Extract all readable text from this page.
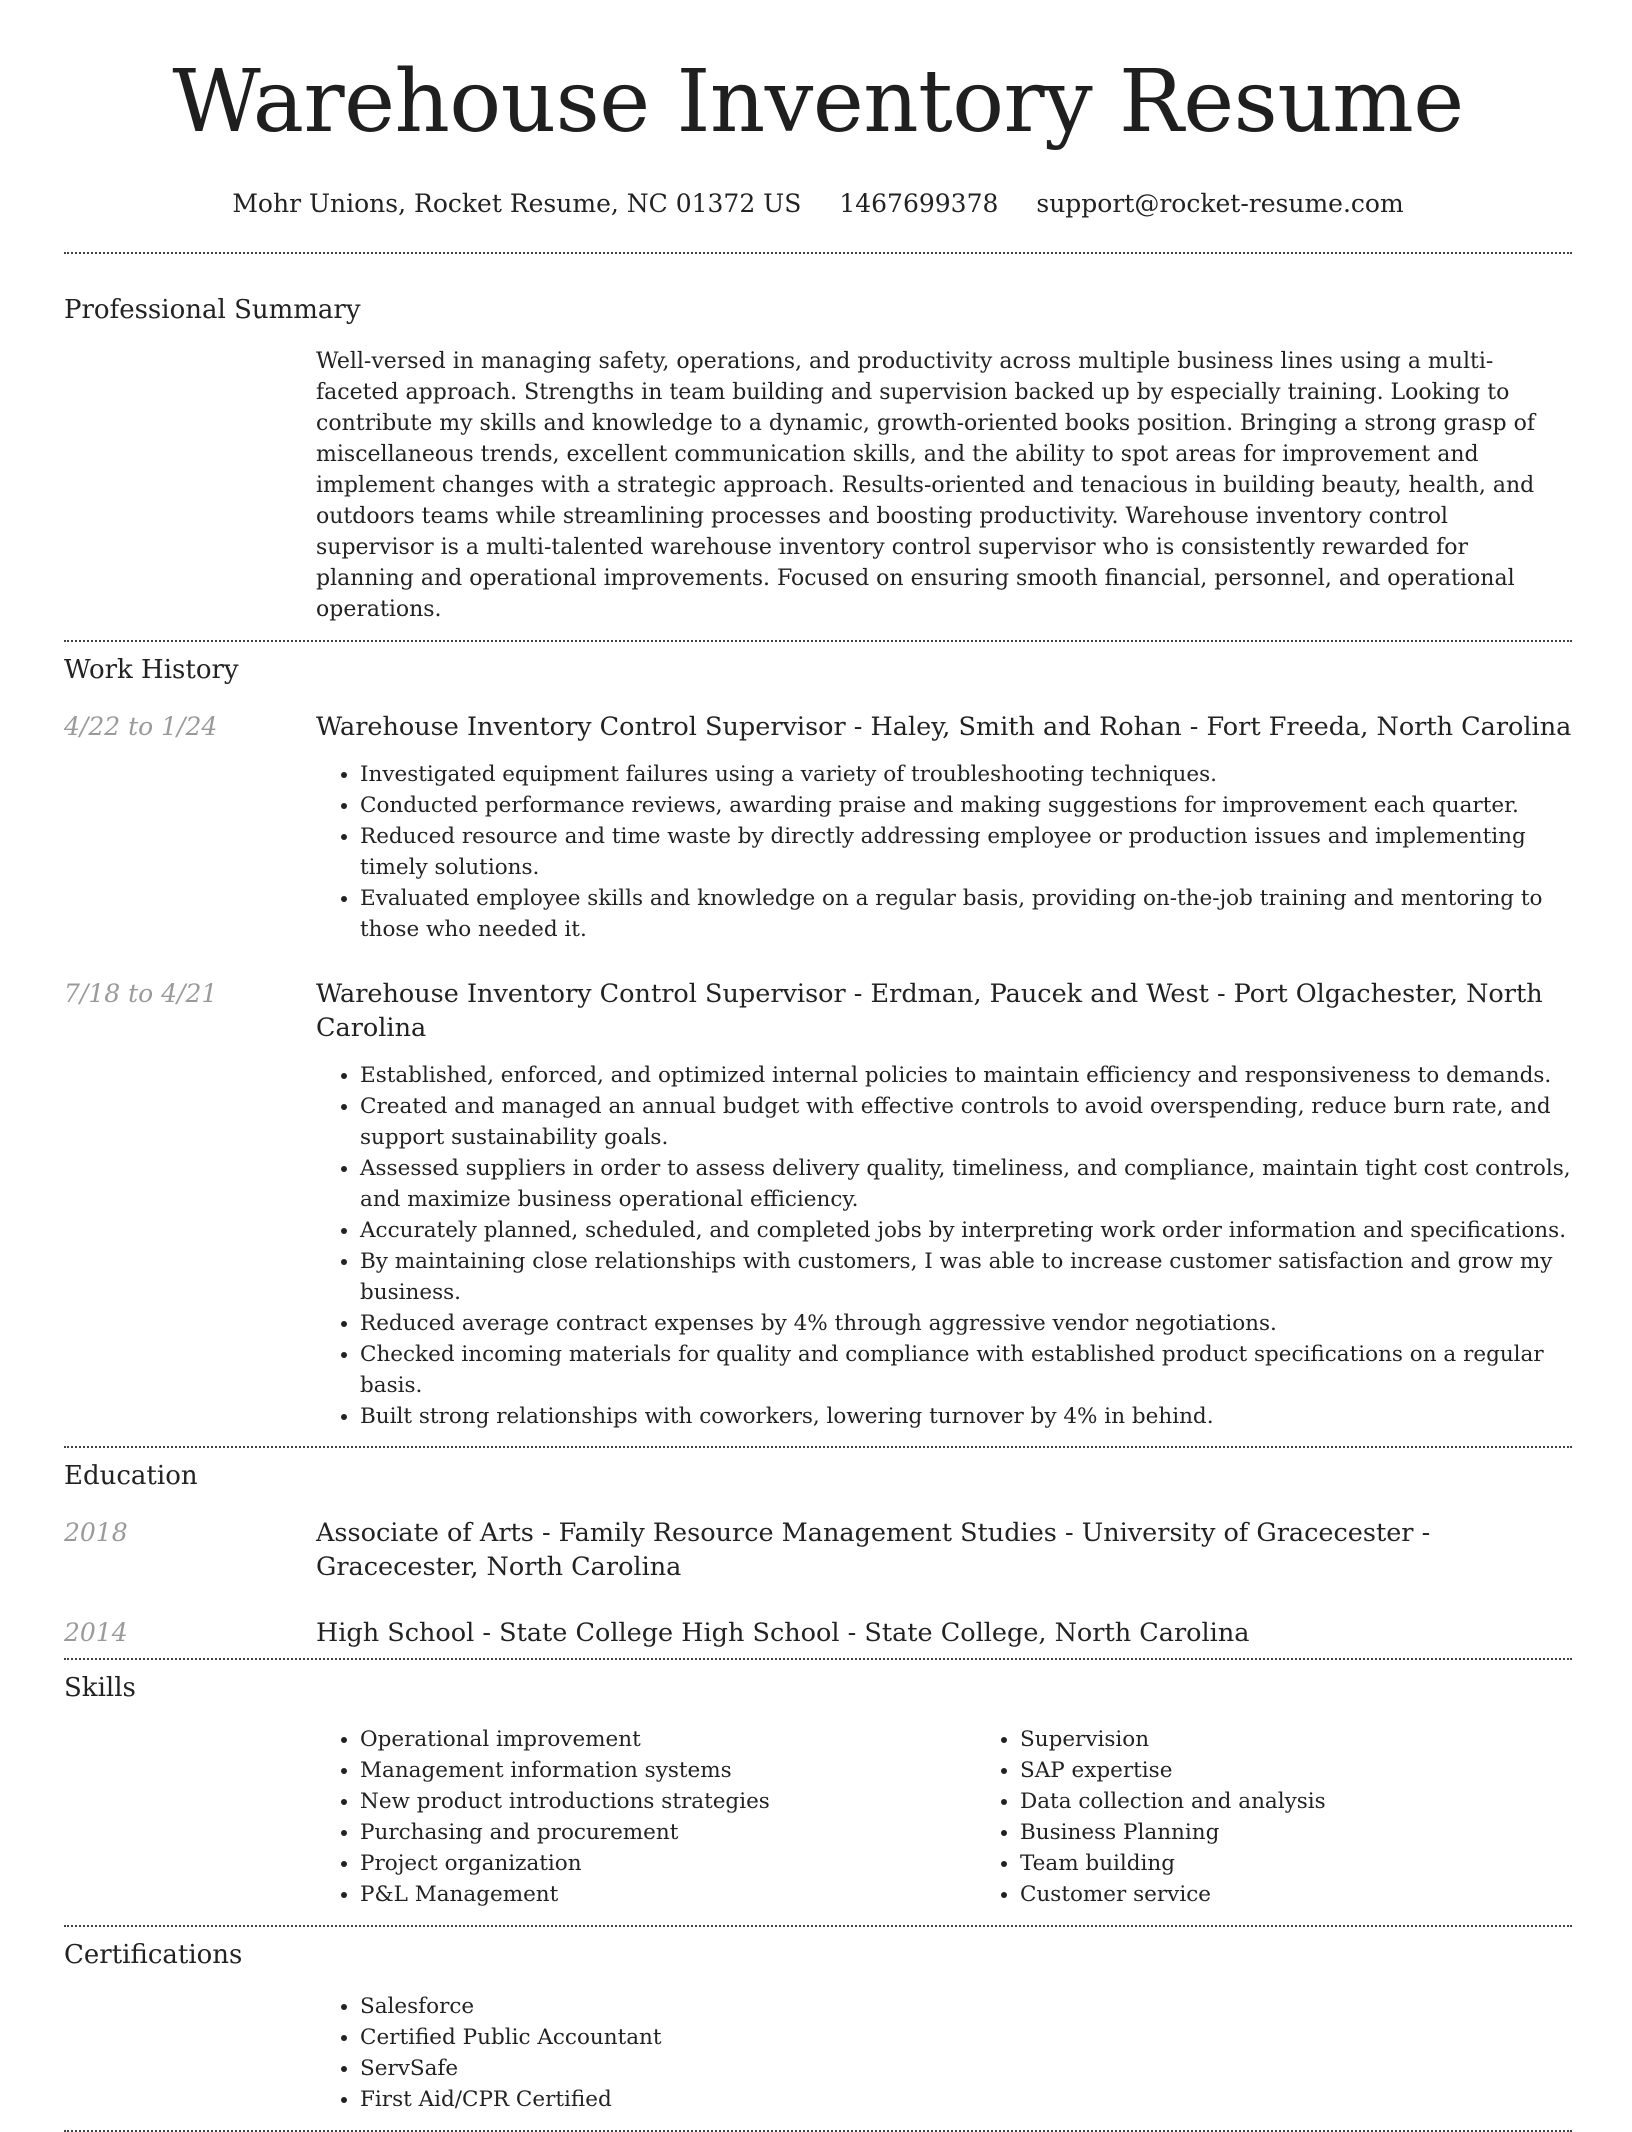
Warehouse Inventory Resume
Mohr Unions, Rocket Resume, NC 01372 US 1467699378 support@rocket-resume.com
Professional Summary
Well-versed in managing safety, operations, and productivity across multiple business lines using a multi-faceted approach. Strengths in team building and supervision backed up by especially training. Looking to contribute my skills and knowledge to a dynamic, growth-oriented books position. Bringing a strong grasp of miscellaneous trends, excellent communication skills, and the ability to spot areas for improvement and implement changes with a strategic approach. Results-oriented and tenacious in building beauty, health, and outdoors teams while streamlining processes and boosting productivity. Warehouse inventory control supervisor is a multi-talented warehouse inventory control supervisor who is consistently rewarded for planning and operational improvements. Focused on ensuring smooth financial, personnel, and operational operations.
Work History
4/22 to 1/24	Warehouse Inventory Control Supervisor - Haley, Smith and Rohan - Fort Freeda, North Carolina
• Investigated equipment failures using a variety of troubleshooting techniques.
• Conducted performance reviews, awarding praise and making suggestions for improvement each quarter.
• Reduced resource and time waste by directly addressing employee or production issues and implementing timely solutions.
• Evaluated employee skills and knowledge on a regular basis, providing on-the-job training and mentoring to those who needed it.
7/18 to 4/21	Warehouse Inventory Control Supervisor - Erdman, Paucek and West - Port Olgachester, North Carolina
• Established, enforced, and optimized internal policies to maintain efficiency and responsiveness to demands.
• Created and managed an annual budget with effective controls to avoid overspending, reduce burn rate, and support sustainability goals.
• Assessed suppliers in order to assess delivery quality, timeliness, and compliance, maintain tight cost controls, and maximize business operational efficiency.
• Accurately planned, scheduled, and completed jobs by interpreting work order information and specifications.
• By maintaining close relationships with customers, I was able to increase customer satisfaction and grow my business.
• Reduced average contract expenses by 4% through aggressive vendor negotiations.
• Checked incoming materials for quality and compliance with established product specifications on a regular basis.
• Built strong relationships with coworkers, lowering turnover by 4% in behind.
Education
2018	Associate of Arts - Family Resource Management Studies - University of Gracecester - Gracecester, North Carolina
2014	High School - State College High School - State College, North Carolina
Skills
• Operational improvement
• Management information systems
• New product introductions strategies
• Purchasing and procurement
• Project organization
• P&L Management
• Supervision
• SAP expertise
• Data collection and analysis
• Business Planning
• Team building
• Customer service
Certifications
• Salesforce
• Certified Public Accountant
• ServSafe
• First Aid/CPR Certified
